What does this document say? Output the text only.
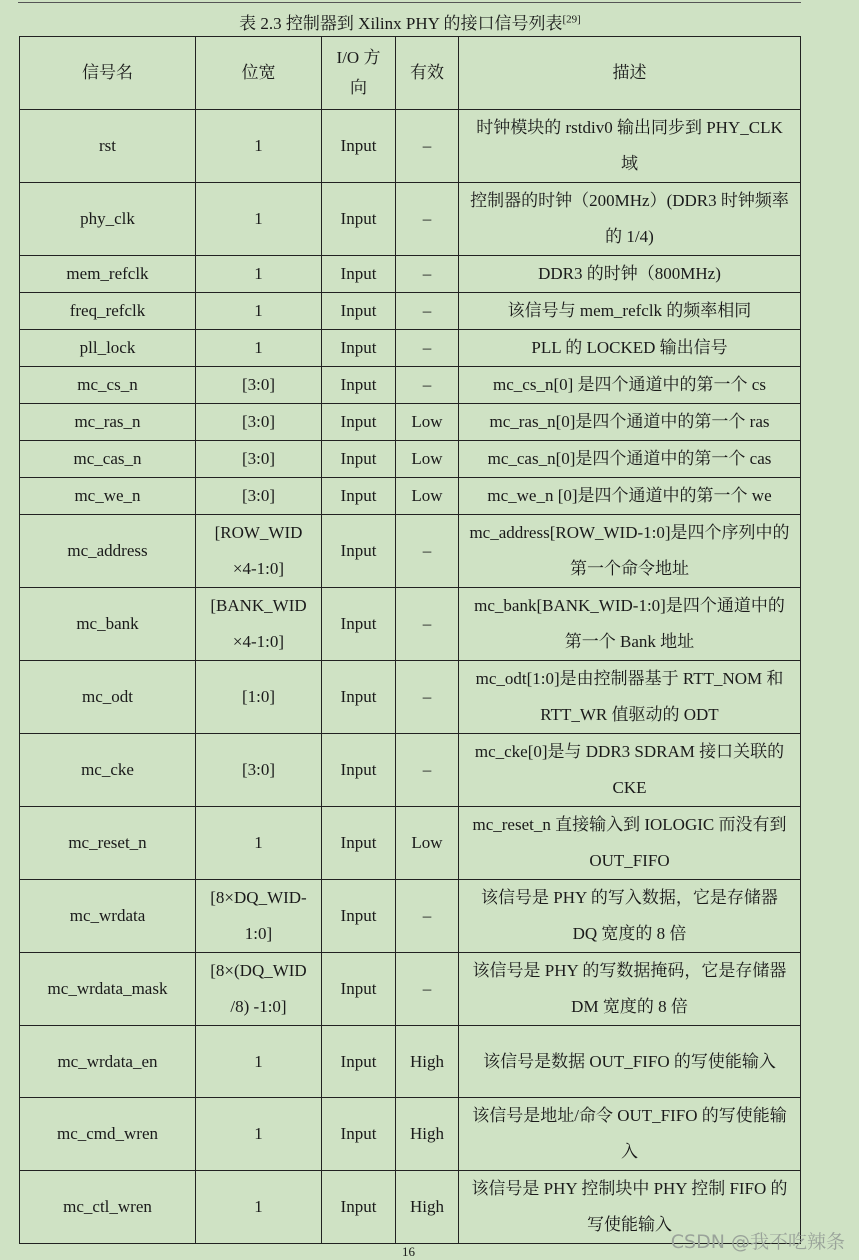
表 2.3 控制器到 Xilinx PHY 的接口信号列表[29]
信号名	位宽	I/O 方向	有效	描述
rst	1	Input	–	时钟模块的 rstdiv0 输出同步到 PHY_CLK 域
phy_clk	1	Input	–	控制器的时钟（200MHz）(DDR3 时钟频率的 1/4)
mem_refclk	1	Input	–	DDR3 的时钟（800MHz)
freq_refclk	1	Input	–	该信号与 mem_refclk 的频率相同
pll_lock	1	Input	–	PLL 的 LOCKED 输出信号
mc_cs_n	[3:0]	Input	–	mc_cs_n[0] 是四个通道中的第一个 cs
mc_ras_n	[3:0]	Input	Low	mc_ras_n[0]是四个通道中的第一个 ras
mc_cas_n	[3:0]	Input	Low	mc_cas_n[0]是四个通道中的第一个 cas
mc_we_n	[3:0]	Input	Low	mc_we_n [0]是四个通道中的第一个 we
mc_address	[ROW_WID ×4-1:0]	Input	–	mc_address[ROW_WID-1:0]是四个序列中的第一个命令地址
mc_bank	[BANK_WID ×4-1:0]	Input	–	mc_bank[BANK_WID-1:0]是四个通道中的第一个 Bank 地址
mc_odt	[1:0]	Input	–	mc_odt[1:0]是由控制器基于 RTT_NOM 和 RTT_WR 值驱动的 ODT
mc_cke	[3:0]	Input	–	mc_cke[0]是与 DDR3 SDRAM 接口关联的 CKE
mc_reset_n	1	Input	Low	mc_reset_n 直接输入到 IOLOGIC 而没有到 OUT_FIFO
mc_wrdata	[8×DQ_WID-1:0]	Input	–	该信号是 PHY 的写入数据，它是存储器 DQ 宽度的 8 倍
mc_wrdata_mask	[8×(DQ_WID /8) -1:0]	Input	–	该信号是 PHY 的写数据掩码，它是存储器 DM 宽度的 8 倍
mc_wrdata_en	1	Input	High	该信号是数据 OUT_FIFO 的写使能输入
mc_cmd_wren	1	Input	High	该信号是地址/命令 OUT_FIFO 的写使能输入
mc_ctl_wren	1	Input	High	该信号是 PHY 控制块中 PHY 控制 FIFO 的写使能输入
16	CSDN @我不吃辣条
